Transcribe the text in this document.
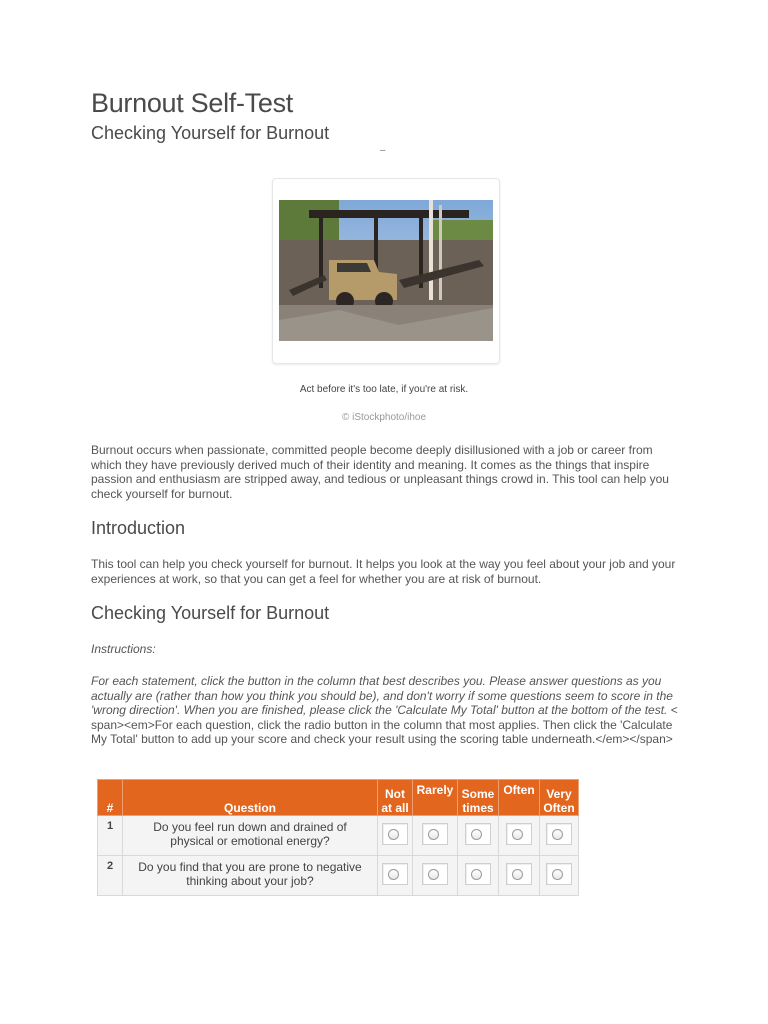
Burnout Self-Test
Checking Yourself for Burnout
–
Act before it's too late, if you're at risk.
© iStockphoto/ihoe

Burnout occurs when passionate, committed people become deeply disillusioned with a job or career from which they have previously derived much of their identity and meaning. It comes as the things that inspire passion and enthusiasm are stripped away, and tedious or unpleasant things crowd in. This tool can help you check yourself for burnout.

Introduction

This tool can help you check yourself for burnout. It helps you look at the way you feel about your job and your experiences at work, so that you can get a feel for whether you are at risk of burnout.

Checking Yourself for Burnout

Instructions:

For each statement, click the button in the column that best describes you. Please answer questions as you actually are (rather than how you think you should be), and don't worry if some questions seem to score in the 'wrong direction'. When you are finished, please click the 'Calculate My Total' button at the bottom of the test. < span><em>For each question, click the radio button in the column that most applies. Then click the 'Calculate My Total' button to add up your score and check your result using the scoring table underneath.</em></span>

#	Question	Not
at all	Rarely	Some
times	Often	Very
Often
1	Do you feel run down and drained of
physical or emotional energy?	

2	Do you find that you are prone to negative
thinking about your job?	
